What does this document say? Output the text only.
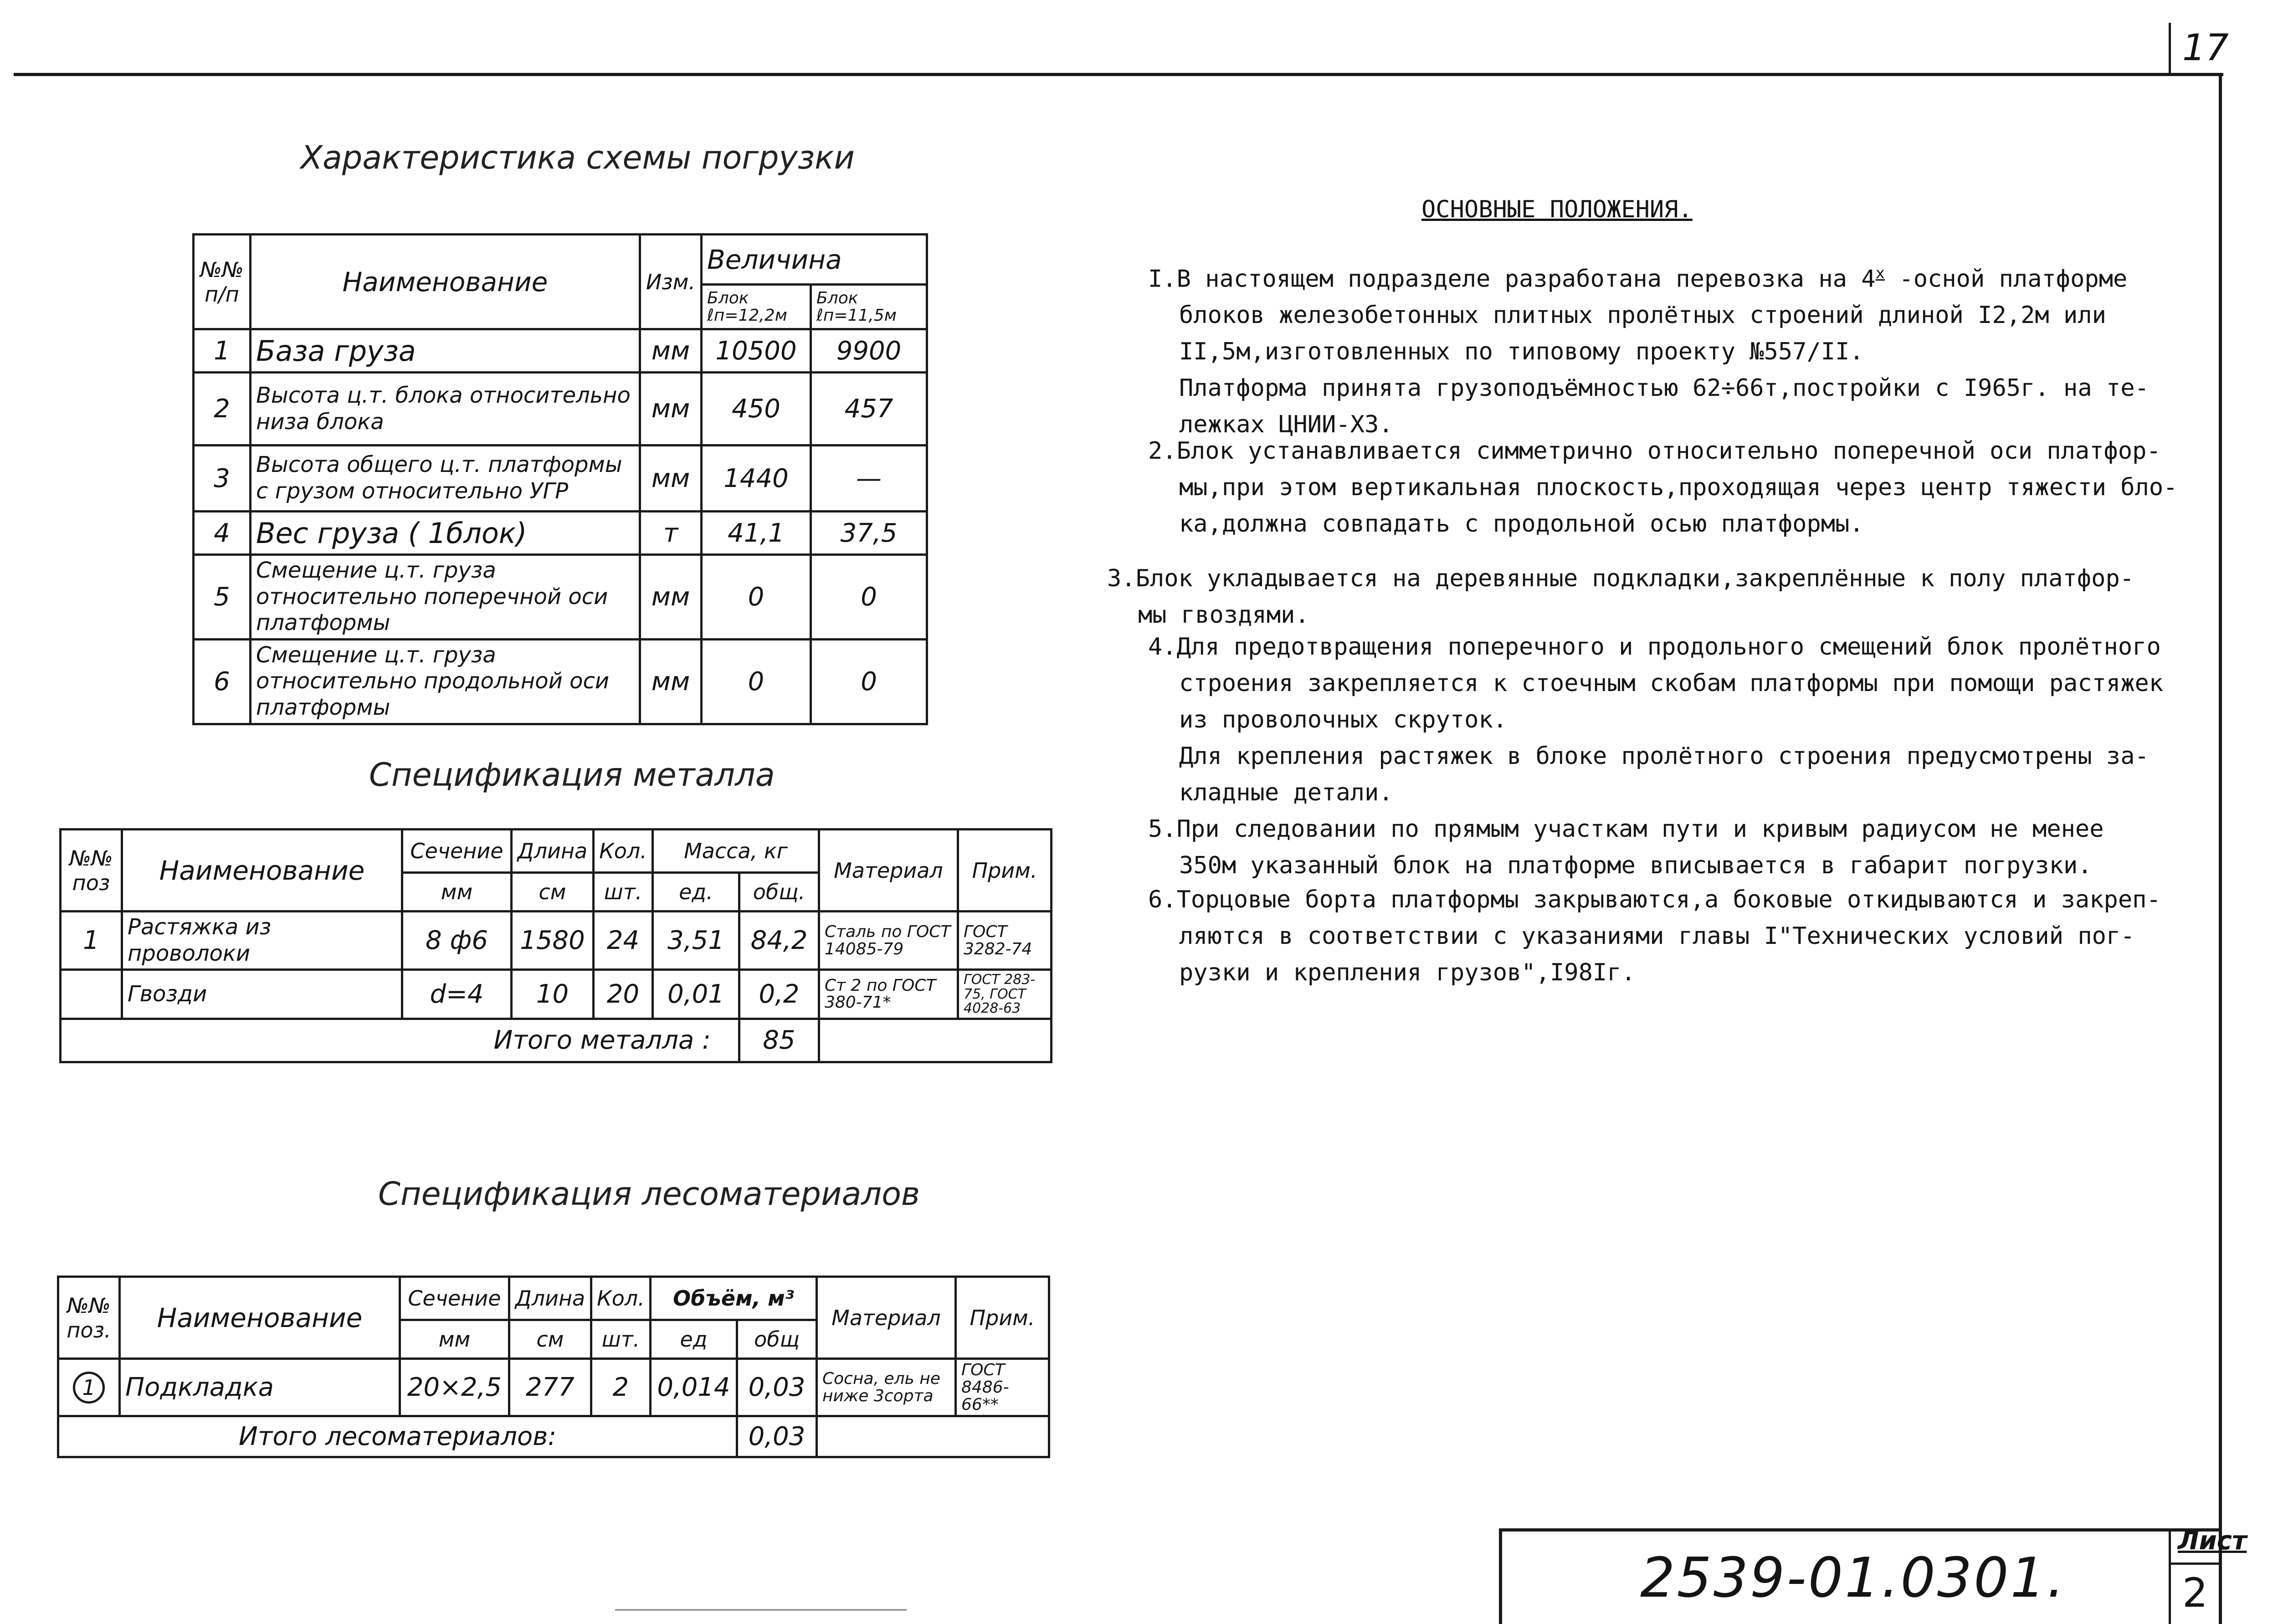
17
Характеристика схемы погрузки
№№ п/п	Наименование	Изм.	Величина	
			Блок ℓп=12,2м	Блок ℓп=11,5м
1	База груза	мм	10500	9900
2	Высота ц.т. блока относительно низа блока	мм	450	457
3	Высота общего ц.т. платформы с грузом относительно УГР	мм	1440	—
4	Вес груза ( 1блок)	т	41,1	37,5
5	Смещение ц.т. груза относительно поперечной оси платформы	мм	0	0
6	Смещение ц.т. груза относительно продольной оси платформы	мм	0	0
Спецификация металла
№№ поз	Наименование	Сечение	Длина	Кол.	Масса, кг		Материал	Прим.
		мм	см	шт.	ед.	общ.		
1	Растяжка из проволоки	8 ф6	1580	24	3,51	84,2	Сталь по ГОСТ 14085-79	ГОСТ 3282-74
	Гвозди	d=4	10	20	0,01	0,2	Ст 2 по ГОСТ 380-71*	ГОСТ 283-75, ГОСТ 4028-63
Итого металла :						85		
Спецификация лесоматериалов
№№ поз.	Наименование	Сечение	Длина	Кол.	Объём, м³		Материал	Прим.
		мм	см	шт.	ед	общ		
1	Подкладка	20×2,5	277	2	0,014	0,03	Сосна, ель не ниже 3сорта	ГОСТ 8486-66**
Итого лесоматериалов:						0,03		
ОСНОВНЫЕ ПОЛОЖЕНИЯ.
I.В настоящем подразделе разработана перевозка на $4^х$ -осной платформе
блоков железобетонных плитных пролётных строений длиной I2,2м или
II,5м,изготовленных по типовому проекту №557/II.
Платформа принята грузоподъёмностью 62÷66т,постройки с I965г. на те-
лежках ЦНИИ-Х3.
2.Блок устанавливается симметрично относительно поперечной оси платфор-
мы,при этом вертикальная плоскость,проходящая через центр тяжести бло-
ка,должна совпадать с продольной осью платформы.
3.Блок укладывается на деревянные подкладки,закреплённые к полу платфор-
мы гвоздями.
4.Для предотвращения поперечного и продольного смещений блок пролётного
строения закрепляется к стоечным скобам платформы при помощи растяжек
из проволочных скруток.
Для крепления растяжек в блоке пролётного строения предусмотрены за-
кладные детали.
5.При следовании по прямым участкам пути и кривым радиусом не менее
350м указанный блок на платформе вписывается в габарит погрузки.
6.Торцовые борта платформы закрываются,а боковые откидываются и закреп-
ляются в соответствии с указаниями главы I"Технических условий пог-
рузки и крепления грузов",I98Iг.
2539-01.0301.
Лист
2
